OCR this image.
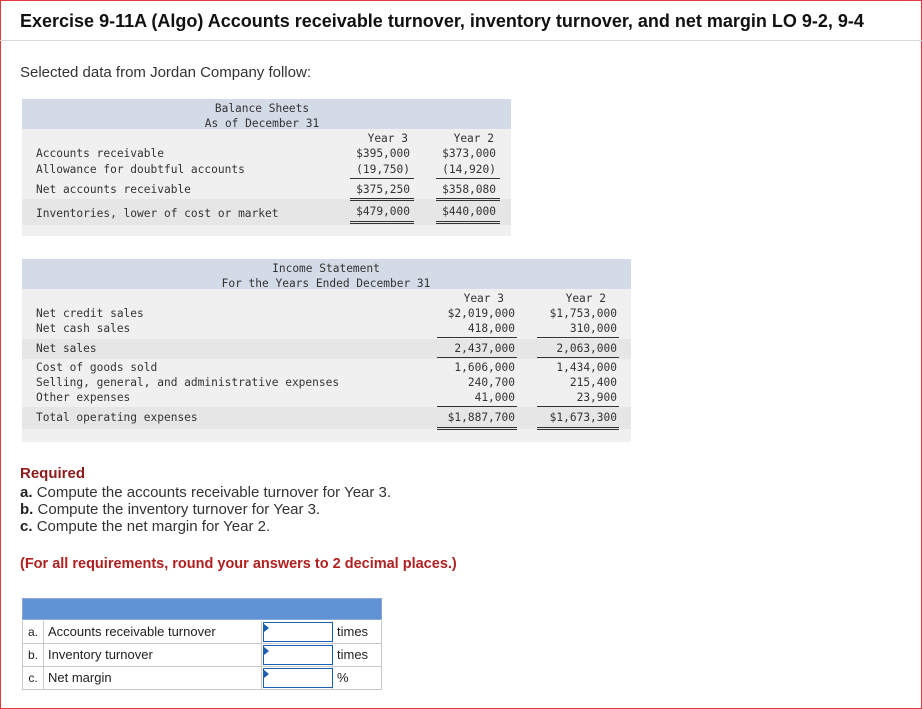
Exercise 9-11A (Algo) Accounts receivable turnover, inventory turnover, and net margin LO 9-2, 9-4
Selected data from Jordan Company follow:
Balance Sheets
As of December 31
Year 3	Year 2
Accounts receivable	$395,000	$373,000
Allowance for doubtful accounts	(19,750)	(14,920)
Net accounts receivable	$375,250	$358,080
Inventories, lower of cost or market	$479,000	$440,000
Income Statement
For the Years Ended December 31
Year 3	Year 2
Net credit sales	$2,019,000	$1,753,000
Net cash sales	418,000	310,000
Net sales	2,437,000	2,063,000
Cost of goods sold	1,606,000	1,434,000
Selling, general, and administrative expenses	240,700	215,400
Other expenses	41,000	23,900
Total operating expenses	$1,887,700	$1,673,300
Required
a. Compute the accounts receivable turnover for Year 3.
b. Compute the inventory turnover for Year 3.
c. Compute the net margin for Year 2.
(For all requirements, round your answers to 2 decimal places.)
a. Accounts receivable turnover	times
b. Inventory turnover	times
c. Net margin	%
